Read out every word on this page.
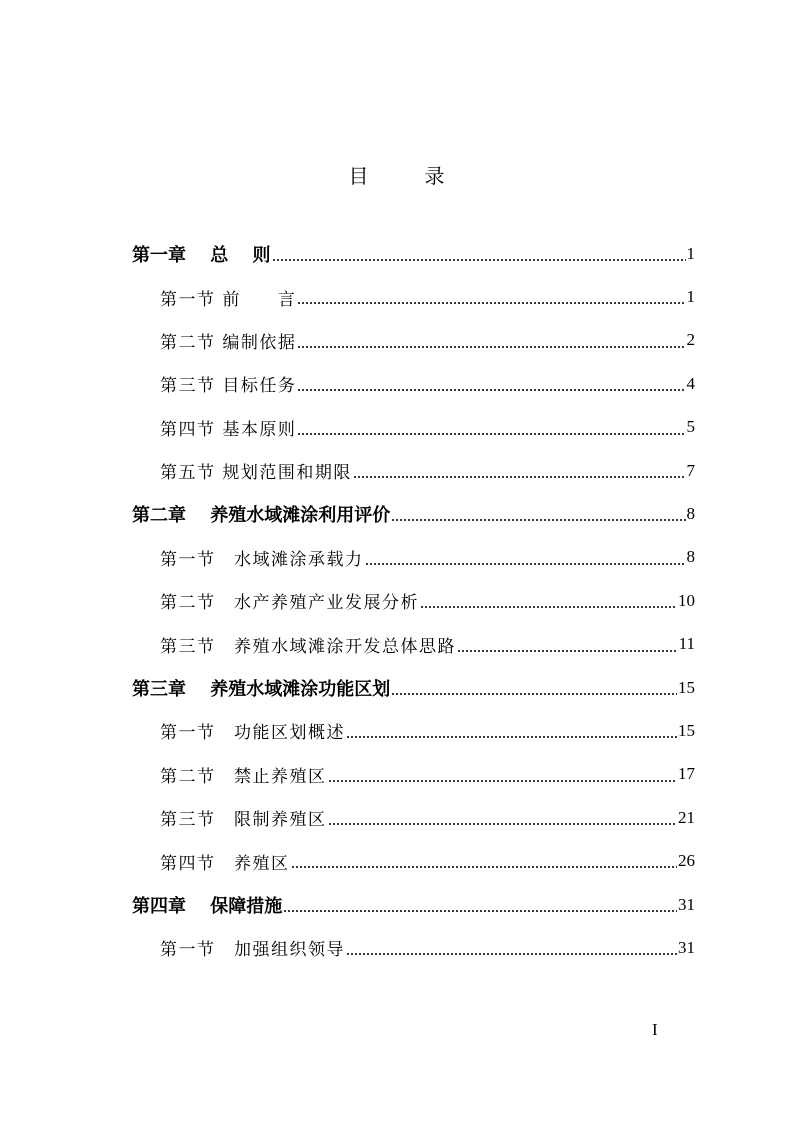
目　录
第一章　 总　 则	1
第一节 前　　言	1
第二节 编制依据	2
第三节 目标任务	4
第四节 基本原则	5
第五节 规划范围和期限	7
第二章　 养殖水域滩涂利用评价	8
第一节　水域滩涂承载力	8
第二节　水产养殖产业发展分析	10
第三节　养殖水域滩涂开发总体思路	11
第三章　 养殖水域滩涂功能区划	15
第一节　功能区划概述	15
第二节　禁止养殖区	17
第三节　限制养殖区	21
第四节　养殖区	26
第四章　 保障措施	31
第一节　加强组织领导	31
I
